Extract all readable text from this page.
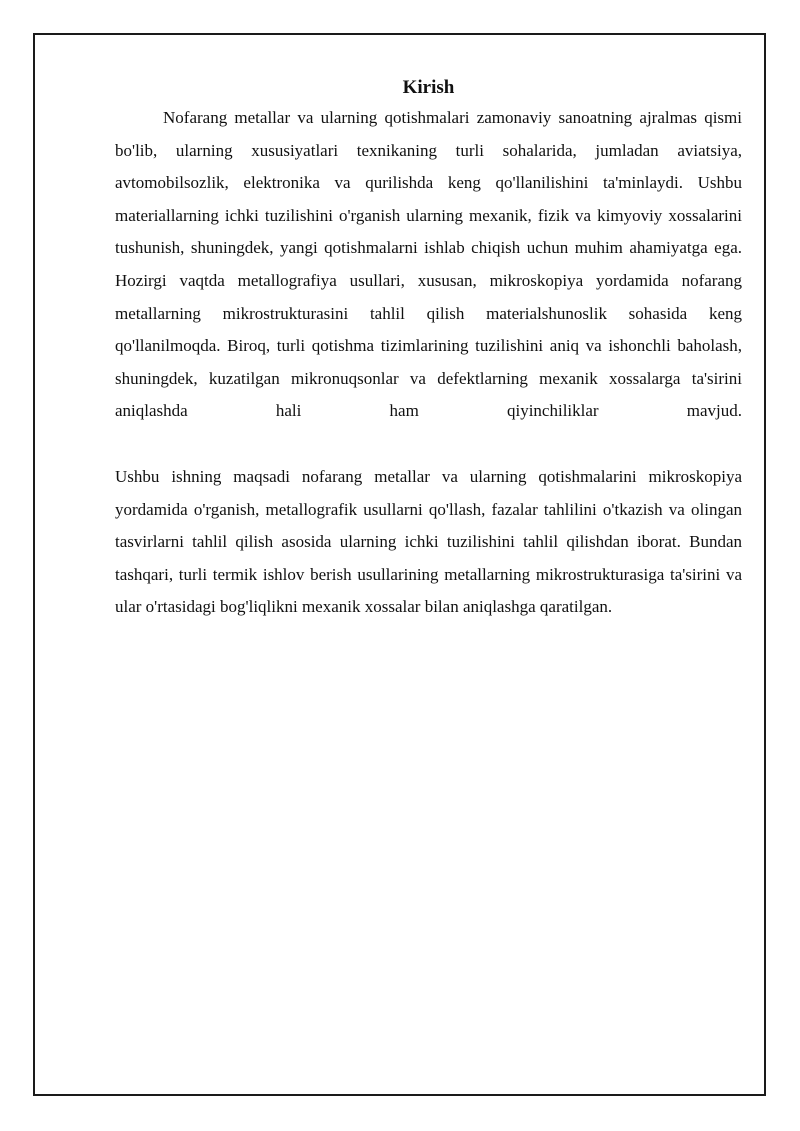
Kirish

Nofarang metallar va ularning qotishmalari zamonaviy sanoatning ajralmas qismi bo'lib, ularning xususiyatlari texnikaning turli sohalarida, jumladan aviatsiya, avtomobilsozlik, elektronika va qurilishda keng qo'llanilishini ta'minlaydi. Ushbu materiallarning ichki tuzilishini o'rganish ularning mexanik, fizik va kimyoviy xossalarini tushunish, shuningdek, yangi qotishmalarni ishlab chiqish uchun muhim ahamiyatga ega. Hozirgi vaqtda metallografiya usullari, xususan, mikroskopiya yordamida nofarang metallarning mikrostrukturasini tahlil qilish materialshunoslik sohasida keng qo'llanilmoqda. Biroq, turli qotishma tizimlarining tuzilishini aniq va ishonchli baholash, shuningdek, kuzatilgan mikronuqsonlar va defektlarning mexanik xossalarga ta'sirini aniqlashda hali ham qiyinchiliklar mavjud.

Ushbu ishning maqsadi nofarang metallar va ularning qotishmalarini mikroskopiya yordamida o'rganish, metallografik usullarni qo'llash, fazalar tahlilini o'tkazish va olingan tasvirlarni tahlil qilish asosida ularning ichki tuzilishini tahlil qilishdan iborat. Bundan tashqari, turli termik ishlov berish usullarining metallarning mikrostrukturasiga ta'sirini va ular o'rtasidagi bog'liqlikni mexanik xossalar bilan aniqlashga qaratilgan.
